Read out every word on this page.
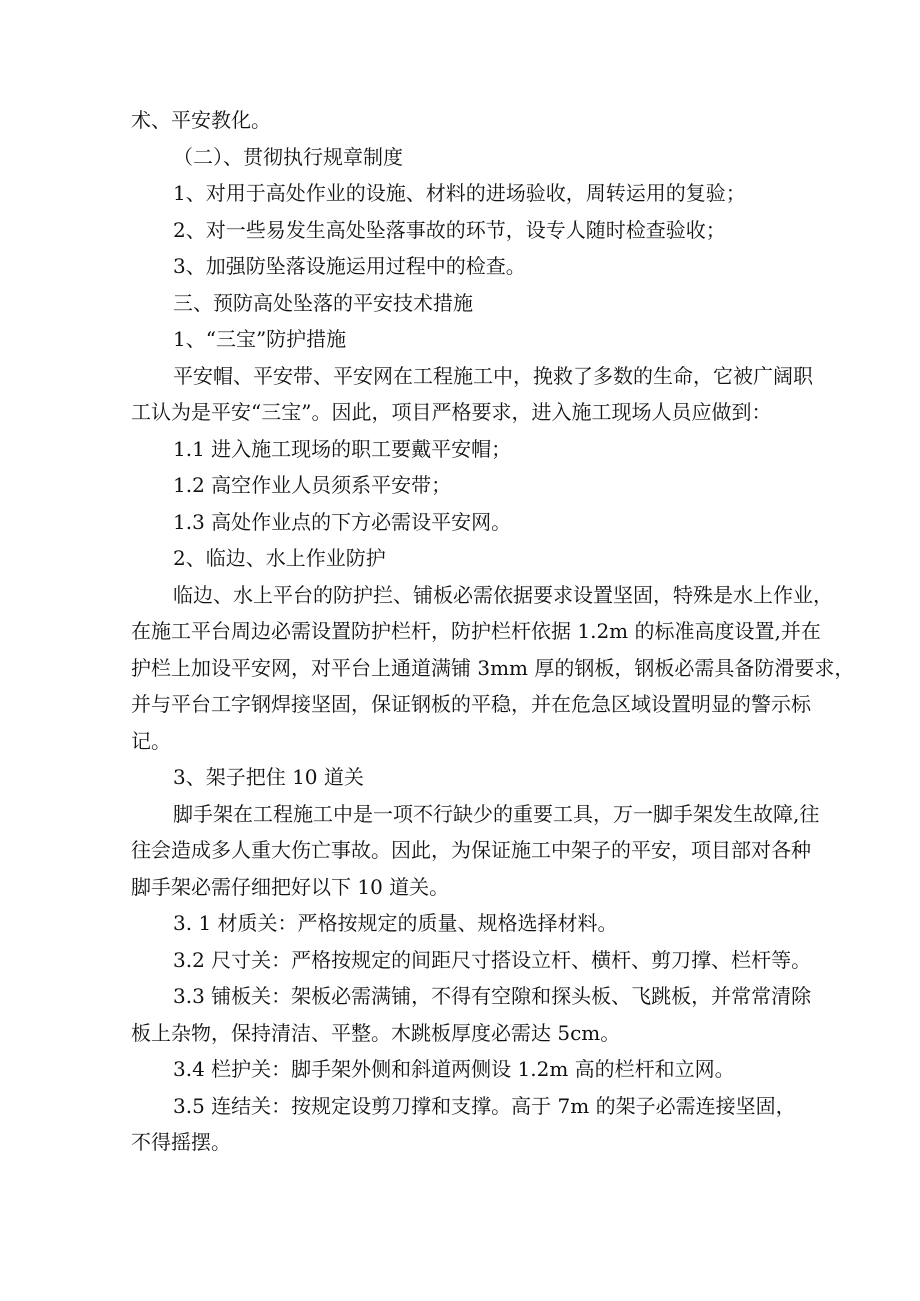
术、平安教化。

（二）、贯彻执行规章制度

1、对用于高处作业的设施、材料的进场验收，周转运用的复验；

2、对一些易发生高处坠落事故的环节，设专人随时检查验收；

3、加强防坠落设施运用过程中的检查。

三、预防高处坠落的平安技术措施

1、“三宝”防护措施

平安帽、平安带、平安网在工程施工中，挽救了多数的生命，它被广阔职

工认为是平安“三宝”。因此，项目严格要求，进入施工现场人员应做到：

1.1 进入施工现场的职工要戴平安帽；

1.2 高空作业人员须系平安带；

1.3 高处作业点的下方必需设平安网。

2、临边、水上作业防护

临边、水上平台的防护拦、铺板必需依据要求设置坚固，特殊是水上作业，

在施工平台周边必需设置防护栏杆，防护栏杆依据 1.2m 的标准高度设置,并在

护栏上加设平安网，对平台上通道满铺 3mm 厚的钢板，钢板必需具备防滑要求，

并与平台工字钢焊接坚固，保证钢板的平稳，并在危急区域设置明显的警示标

记。

3、架子把住 10 道关

脚手架在工程施工中是一项不行缺少的重要工具，万一脚手架发生故障,往

往会造成多人重大伤亡事故。因此，为保证施工中架子的平安，项目部对各种

脚手架必需仔细把好以下 10 道关。

3. 1 材质关：严格按规定的质量、规格选择材料。

3.2 尺寸关：严格按规定的间距尺寸搭设立杆、横杆、剪刀撑、栏杆等。

3.3 铺板关：架板必需满铺，不得有空隙和探头板、飞跳板，并常常清除

板上杂物，保持清洁、平整。木跳板厚度必需达 5cm。

3.4 栏护关：脚手架外侧和斜道两侧设 1.2m 高的栏杆和立网。

3.5 连结关：按规定设剪刀撑和支撑。高于 7m 的架子必需连接坚固，

不得摇摆。
